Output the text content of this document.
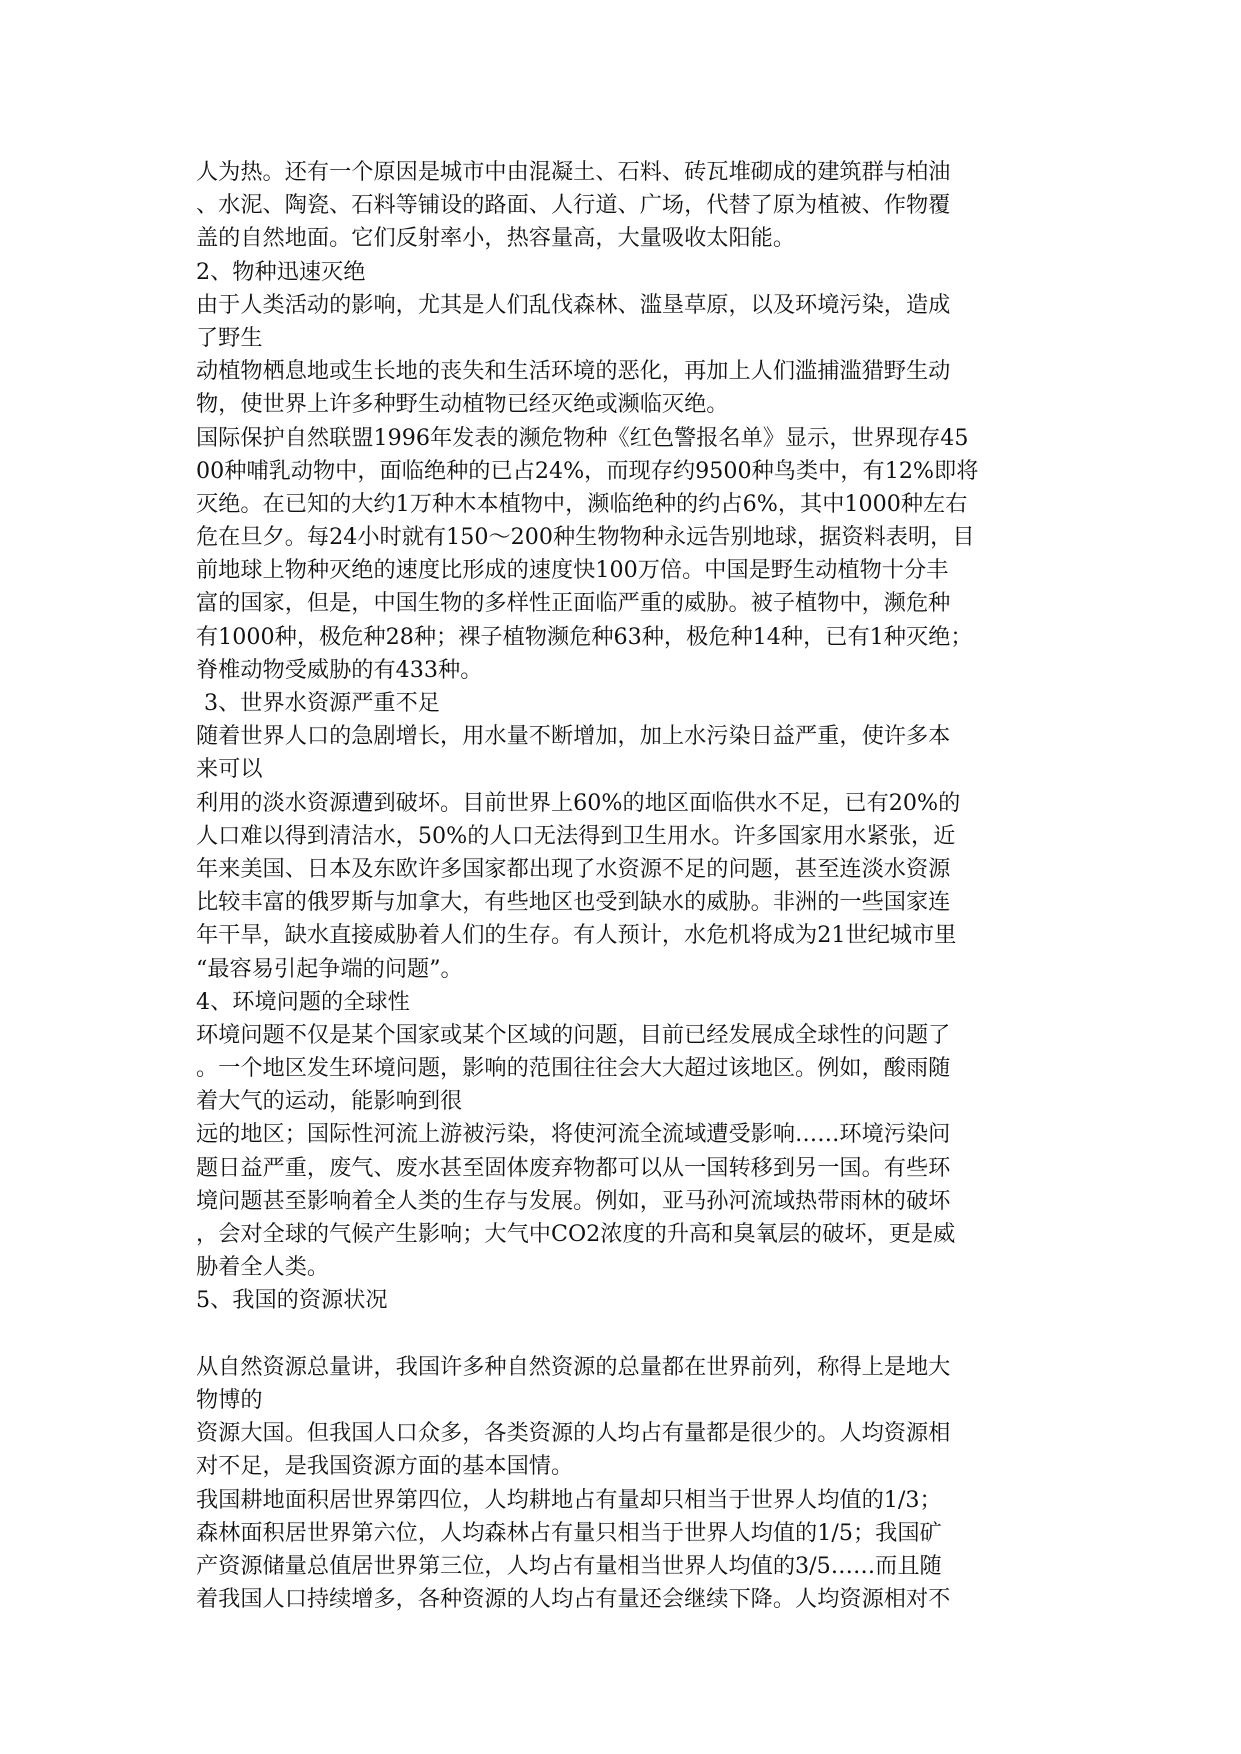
人为热。还有一个原因是城市中由混凝土、石料、砖瓦堆砌成的建筑群与柏油
、水泥、陶瓷、石料等铺设的路面、人行道、广场，代替了原为植被、作物覆
盖的自然地面。它们反射率小，热容量高，大量吸收太阳能。
2、物种迅速灭绝
由于人类活动的影响，尤其是人们乱伐森林、滥垦草原，以及环境污染，造成
了野生
动植物栖息地或生长地的丧失和生活环境的恶化，再加上人们滥捕滥猎野生动
物，使世界上许多种野生动植物已经灭绝或濒临灭绝。
国际保护自然联盟1996年发表的濒危物种《红色警报名单》显示，世界现存45
00种哺乳动物中，面临绝种的已占24%，而现存约9500种鸟类中，有12%即将
灭绝。在已知的大约1万种木本植物中，濒临绝种的约占6%，其中1000种左右
危在旦夕。每24小时就有150～200种生物物种永远告别地球，据资料表明，目
前地球上物种灭绝的速度比形成的速度快100万倍。中国是野生动植物十分丰
富的国家，但是，中国生物的多样性正面临严重的威胁。被子植物中，濒危种
有1000种，极危种28种；裸子植物濒危种63种，极危种14种，已有1种灭绝；
脊椎动物受威胁的有433种。
3、世界水资源严重不足
随着世界人口的急剧增长，用水量不断增加，加上水污染日益严重，使许多本
来可以
利用的淡水资源遭到破坏。目前世界上60%的地区面临供水不足，已有20%的
人口难以得到清洁水，50%的人口无法得到卫生用水。许多国家用水紧张，近
年来美国、日本及东欧许多国家都出现了水资源不足的问题，甚至连淡水资源
比较丰富的俄罗斯与加拿大，有些地区也受到缺水的威胁。非洲的一些国家连
年干旱，缺水直接威胁着人们的生存。有人预计，水危机将成为21世纪城市里
“最容易引起争端的问题”。
4、环境问题的全球性
环境问题不仅是某个国家或某个区域的问题，目前已经发展成全球性的问题了
。一个地区发生环境问题，影响的范围往往会大大超过该地区。例如，酸雨随
着大气的运动，能影响到很
远的地区；国际性河流上游被污染，将使河流全流域遭受影响……环境污染问
题日益严重，废气、废水甚至固体废弃物都可以从一国转移到另一国。有些环
境问题甚至影响着全人类的生存与发展。例如，亚马孙河流域热带雨林的破坏
，会对全球的气候产生影响；大气中CO2浓度的升高和臭氧层的破坏，更是威
胁着全人类。
5、我国的资源状况
从自然资源总量讲，我国许多种自然资源的总量都在世界前列，称得上是地大
物博的
资源大国。但我国人口众多，各类资源的人均占有量都是很少的。人均资源相
对不足，是我国资源方面的基本国情。
我国耕地面积居世界第四位，人均耕地占有量却只相当于世界人均值的1/3；
森林面积居世界第六位，人均森林占有量只相当于世界人均值的1/5；我国矿
产资源储量总值居世界第三位，人均占有量相当世界人均值的3/5……而且随
着我国人口持续增多，各种资源的人均占有量还会继续下降。人均资源相对不
